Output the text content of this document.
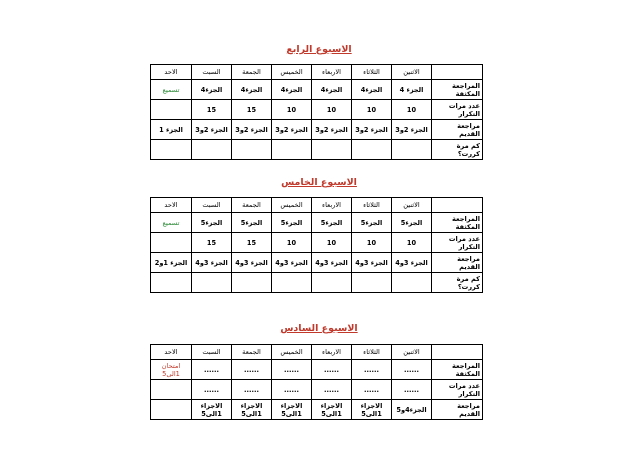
الاسبوع الرابع
	الاثنين	الثلاثاء	الاربعاء	الخميس	الجمعة	السبت	الاحد
المراجعة المكثفة	الجزء 4	الجزء4	الجزء4	الجزء4	الجزء4	الجزء4	تسميع
عدد مرات التكرار	10	10	10	10	15	15	
مراجعة القديم	الجزء 2و3	الجزء 2و3	الجزء 2و3	الجزء 2و3	الجزء 2و3	الجزء 2و3	الجزء 1
كم مرة كررت؟							
الاسبوع الخامس
	الاثنين	الثلاثاء	الاربعاء	الخميس	الجمعة	السبت	الاحد
المراجعة المكثفة	الجزء5	الجزء5	الجزء5	الجزء5	الجزء5	الجزء5	تسميع
عدد مرات التكرار	10	10	10	10	15	15	
مراجعة القديم	الجزء 3و4	الجزء 3و4	الجزء 3و4	الجزء 3و4	الجزء 3و4	الجزء 3و4	الجزء 1و2
كم مرة كررت؟							
الاسبوع السادس
	الاثنين	الثلاثاء	الاربعاء	الخميس	الجمعة	السبت	الاحد
المراجعة المكثفة	......	......	......	......	......	......	امتحان 1الى5
عدد مرات التكرار	......	......	......	......	......	......	
مراجعة القديم	الجزء4و5	الاجزاء 1الى5	الاجزاء 1الى5	الاجزاء 1الى5	الاجزاء 1الى5	الاجزاء 1الى5	
